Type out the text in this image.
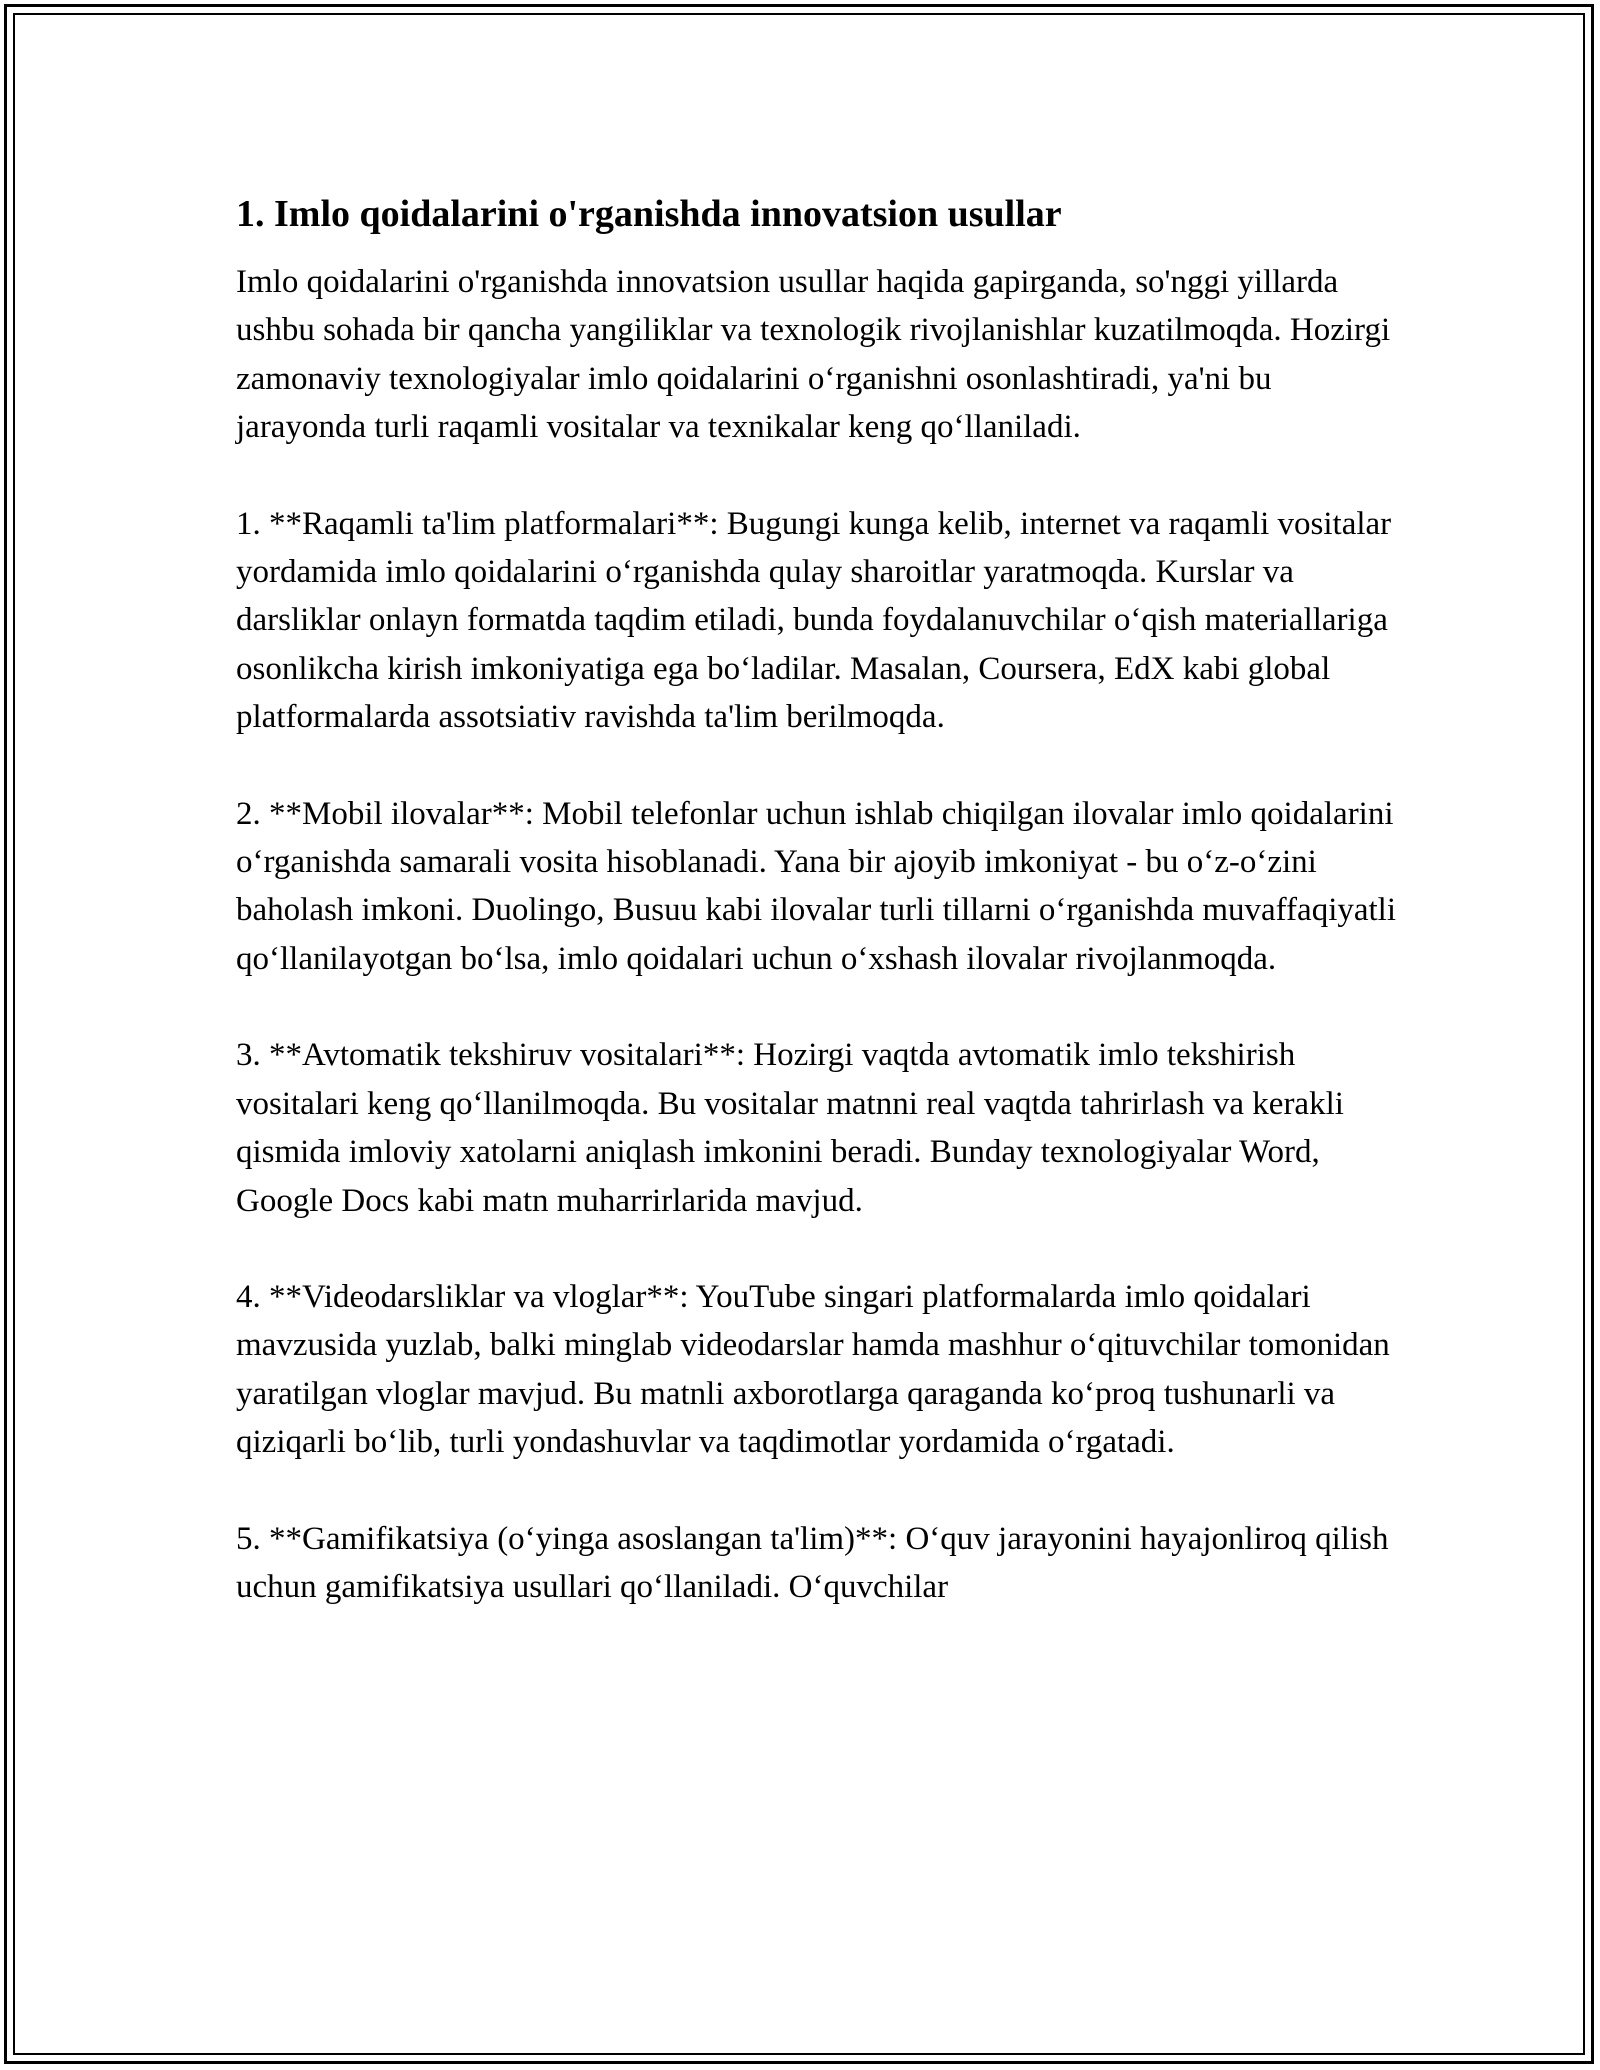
1. Imlo qoidalarini o'rganishda innovatsion usullar

Imlo qoidalarini o'rganishda innovatsion usullar haqida gapirganda, so'nggi yillarda ushbu sohada bir qancha yangiliklar va texnologik rivojlanishlar kuzatilmoqda. Hozirgi zamonaviy texnologiyalar imlo qoidalarini o‘rganishni osonlashtiradi, ya'ni bu jarayonda turli raqamli vositalar va texnikalar keng qo‘llaniladi.

1. **Raqamli ta'lim platformalari**: Bugungi kunga kelib, internet va raqamli vositalar yordamida imlo qoidalarini o‘rganishda qulay sharoitlar yaratmoqda. Kurslar va darsliklar onlayn formatda taqdim etiladi, bunda foydalanuvchilar o‘qish materiallariga osonlikcha kirish imkoniyatiga ega bo‘ladilar. Masalan, Coursera, EdX kabi global platformalarda assotsiativ ravishda ta'lim berilmoqda.

2. **Mobil ilovalar**: Mobil telefonlar uchun ishlab chiqilgan ilovalar imlo qoidalarini o‘rganishda samarali vosita hisoblanadi. Yana bir ajoyib imkoniyat - bu o‘z-o‘zini baholash imkoni. Duolingo, Busuu kabi ilovalar turli tillarni o‘rganishda muvaffaqiyatli qo‘llanilayotgan bo‘lsa, imlo qoidalari uchun o‘xshash ilovalar rivojlanmoqda.

3. **Avtomatik tekshiruv vositalari**: Hozirgi vaqtda avtomatik imlo tekshirish vositalari keng qo‘llanilmoqda. Bu vositalar matnni real vaqtda tahrirlash va kerakli qismida imloviy xatolarni aniqlash imkonini beradi. Bunday texnologiyalar Word, Google Docs kabi matn muharrirlarida mavjud.

4. **Videodarsliklar va vloglar**: YouTube singari platformalarda imlo qoidalari mavzusida yuzlab, balki minglab videodarslar hamda mashhur o‘qituvchilar tomonidan yaratilgan vloglar mavjud. Bu matnli axborotlarga qaraganda ko‘proq tushunarli va qiziqarli bo‘lib, turli yondashuvlar va taqdimotlar yordamida o‘rgatadi.

5. **Gamifikatsiya (o‘yinga asoslangan ta'lim)**: O‘quv jarayonini hayajonliroq qilish uchun gamifikatsiya usullari qo‘llaniladi. O‘quvchilar
